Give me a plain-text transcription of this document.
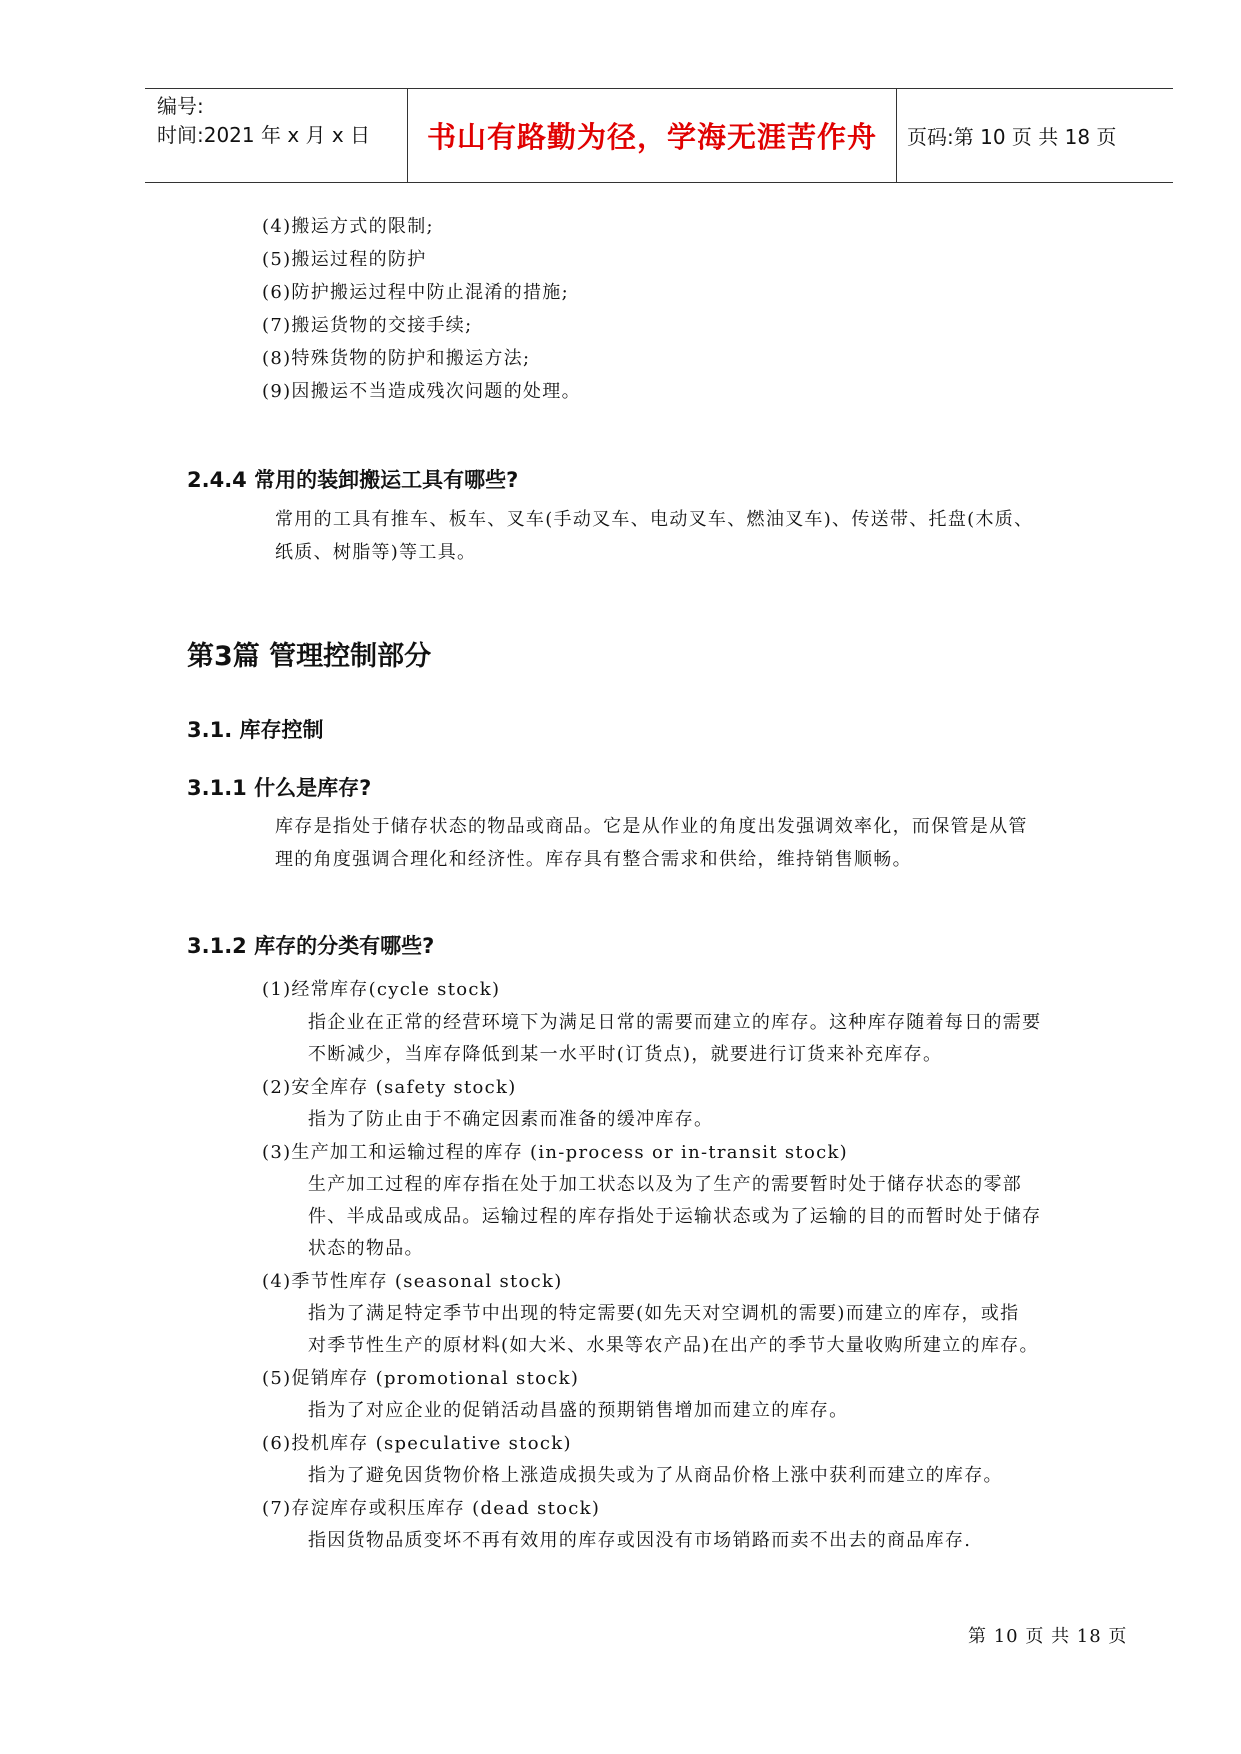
编号:
时间:2021 年 x 月 x 日	书山有路勤为径，学海无涯苦作舟 页码:第 10 页 共 18 页
(4)搬运方式的限制;
(5)搬运过程的防护
(6)防护搬运过程中防止混淆的措施;
(7)搬运货物的交接手续;
(8)特殊货物的防护和搬运方法;
(9)因搬运不当造成残次问题的处理。
2.4.4 常用的装卸搬运工具有哪些?
常用的工具有推车、板车、叉车(手动叉车、电动叉车、燃油叉车)、传送带、托盘(木质、
纸质、树脂等)等工具。
第3篇 管理控制部分
3.1. 库存控制
3.1.1 什么是库存?
库存是指处于储存状态的物品或商品。它是从作业的角度出发强调效率化，而保管是从管
理的角度强调合理化和经济性。库存具有整合需求和供给，维持销售顺畅。
3.1.2 库存的分类有哪些?
(1)经常库存(cycle stock)
指企业在正常的经营环境下为满足日常的需要而建立的库存。这种库存随着每日的需要
不断减少，当库存降低到某一水平时(订货点)，就要进行订货来补充库存。
(2)安全库存 (safety stock)
指为了防止由于不确定因素而准备的缓冲库存。
(3)生产加工和运输过程的库存 (in-process or in-transit stock)
生产加工过程的库存指在处于加工状态以及为了生产的需要暂时处于储存状态的零部
件、半成品或成品。运输过程的库存指处于运输状态或为了运输的目的而暂时处于储存
状态的物品。
(4)季节性库存 (seasonal stock)
指为了满足特定季节中出现的特定需要(如先天对空调机的需要)而建立的库存，或指
对季节性生产的原材料(如大米、水果等农产品)在出产的季节大量收购所建立的库存。
(5)促销库存 (promotional stock)
指为了对应企业的促销活动昌盛的预期销售增加而建立的库存。
(6)投机库存 (speculative stock)
指为了避免因货物价格上涨造成损失或为了从商品价格上涨中获利而建立的库存。
(7)存淀库存或积压库存 (dead stock)
指因货物品质变坏不再有效用的库存或因没有市场销路而卖不出去的商品库存.
第 10 页 共 18 页
